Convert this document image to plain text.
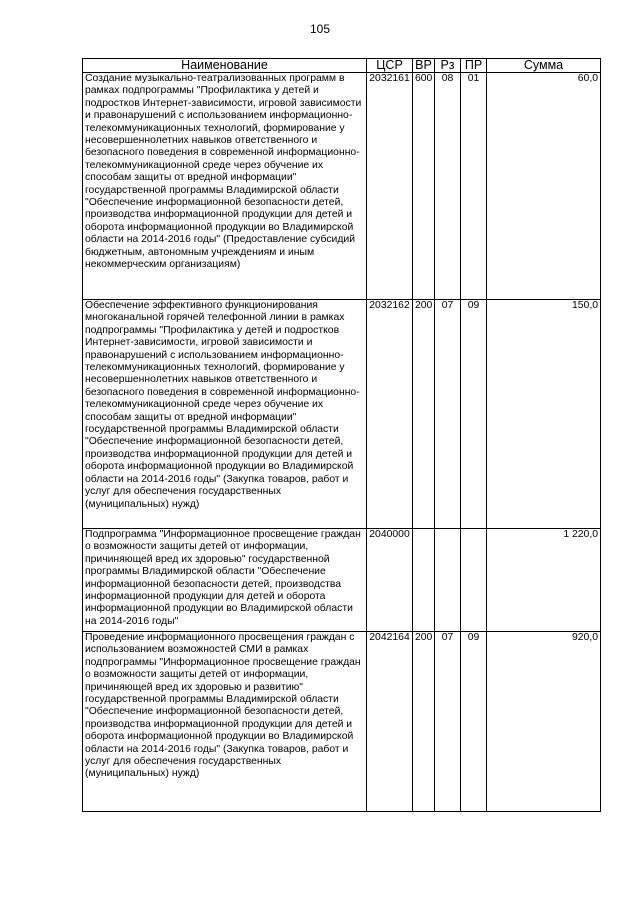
105
Наименование	ЦСР	ВР	Рз	ПР	Сумма
Создание музыкально-театрализованных программ в рамках подпрограммы "Профилактика у детей и подростков Интернет-зависимости, игровой зависимости и правонарушений с использованием информационно-телекоммуникационных технологий, формирование у несовершеннолетних навыков ответственного и безопасного поведения в современной информационно-телекоммуникационной среде через обучение их способам защиты от вредной информации" государственной программы Владимирской области "Обеспечение информационной безопасности детей, производства информационной продукции для детей и оборота информационной продукции во Владимирской области на 2014-2016 годы" (Предоставление субсидий бюджетным, автономным учреждениям и иным некоммерческим организациям)	2032161	600	08	01	60,0
Обеспечение эффективного функционирования многоканальной горячей телефонной линии в рамках подпрограммы "Профилактика у детей и подростков Интернет-зависимости, игровой зависимости и правонарушений с использованием информационно-телекоммуникационных технологий, формирование у несовершеннолетних навыков ответственного и безопасного поведения в современной информационно-телекоммуникационной среде через обучение их способам защиты от вредной информации" государственной программы Владимирской области "Обеспечение информационной безопасности детей, производства информационной продукции для детей и оборота информационной продукции во Владимирской области на 2014-2016 годы" (Закупка товаров, работ и услуг для обеспечения государственных (муниципальных) нужд)	2032162	200	07	09	150,0
Подпрограмма "Информационное просвещение граждан о возможности защиты детей от информации, причиняющей вред их здоровью" государственной программы Владимирской области "Обеспечение информационной безопасности детей, производства информационной продукции для детей и оборота информационной продукции во Владимирской области на 2014-2016 годы"	2040000				1 220,0
Проведение информационного просвещения граждан с использованием возможностей СМИ в рамках подпрограммы "Информационное просвещение граждан о возможности защиты детей от информации, причиняющей вред их здоровью и развитию" государственной программы Владимирской области "Обеспечение информационной безопасности детей, производства информационной продукции для детей и оборота информационной продукции во Владимирской области на 2014-2016 годы" (Закупка товаров, работ и услуг для обеспечения государственных (муниципальных) нужд)	2042164	200	07	09	920,0
